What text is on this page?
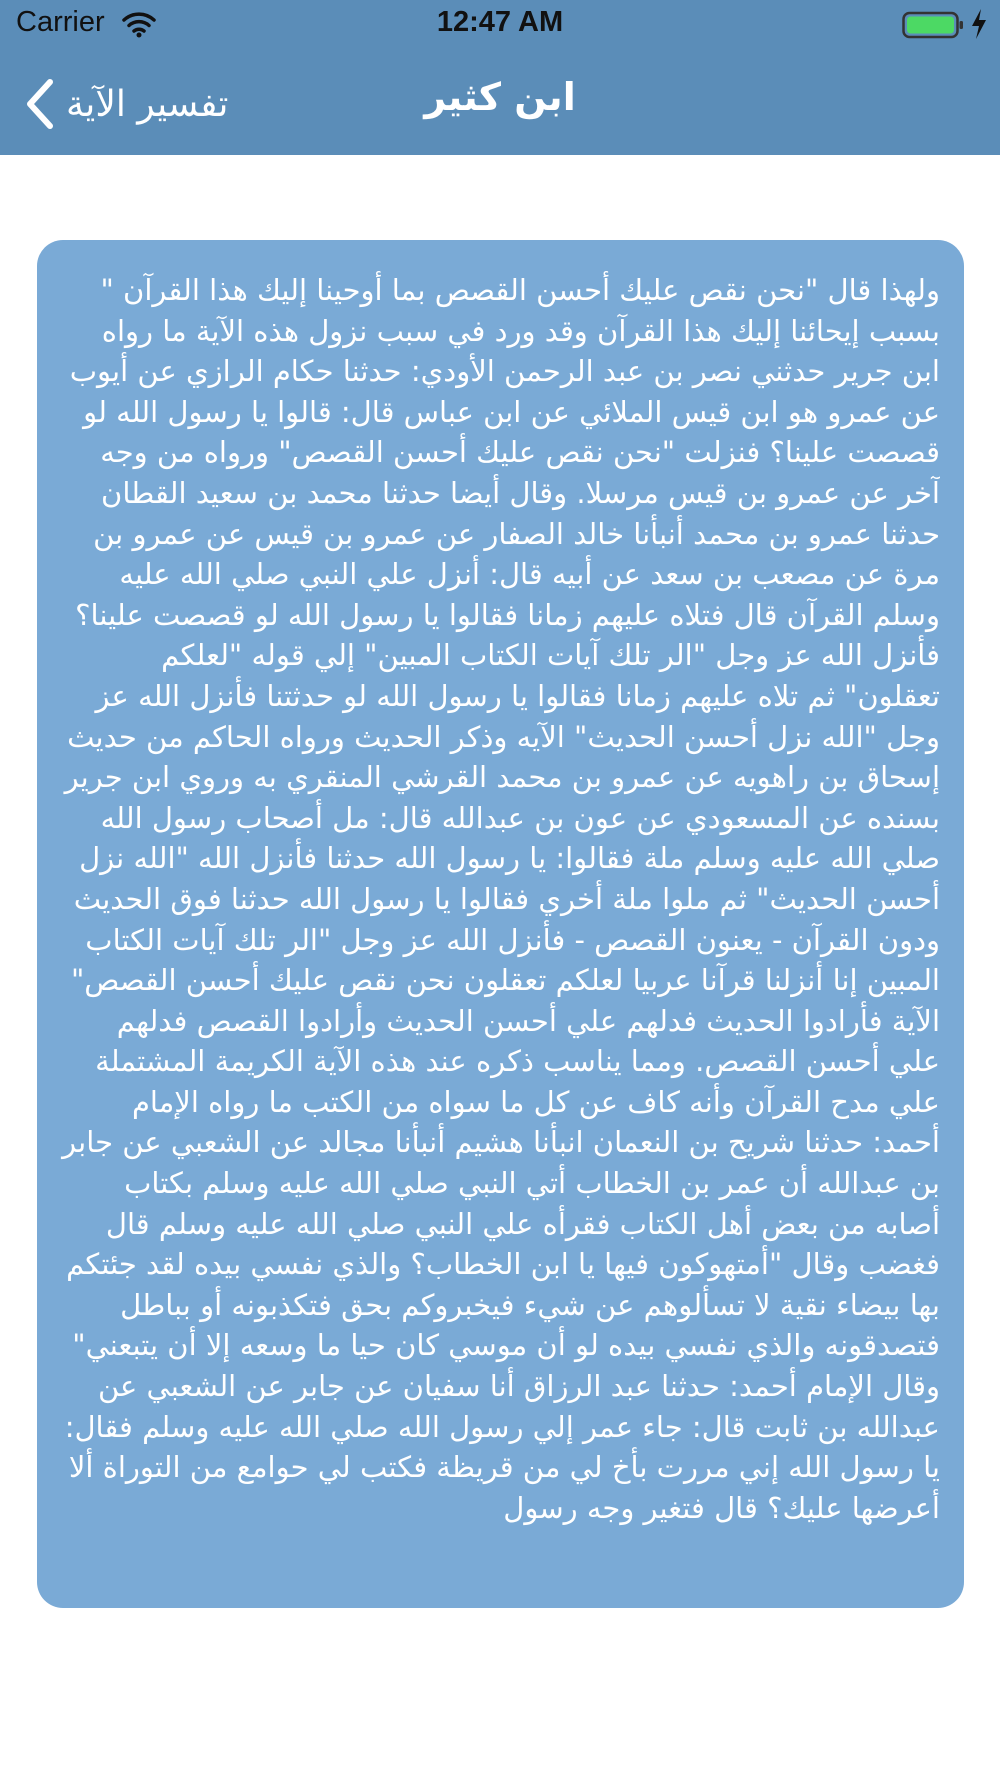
Carrier	12:47 AM
تفسير الآية	ابن كثير
ولهذا قال "نحن نقص عليك أحسن القصص بما أوحينا إليك هذا القرآن " بسبب إيحائنا إليك هذا القرآن وقد ورد في سبب نزول هذه الآية ما رواه ابن جرير حدثني نصر بن عبد الرحمن الأودي: حدثنا حكام الرازي عن أيوب عن عمرو هو ابن قيس الملائي عن ابن عباس قال: قالوا يا رسول الله لو قصصت علينا؟ فنزلت "نحن نقص عليك أحسن القصص" ورواه من وجه آخر عن عمرو بن قيس مرسلا. وقال أيضا حدثنا محمد بن سعيد القطان حدثنا عمرو بن محمد أنبأنا خالد الصفار عن عمرو بن قيس عن عمرو بن مرة عن مصعب بن سعد عن أبيه قال: أنزل علي النبي صلي الله عليه وسلم القرآن قال فتلاه عليهم زمانا فقالوا يا رسول الله لو قصصت علينا؟ فأنزل الله عز وجل "الر تلك آيات الكتاب المبين" إلي قوله "لعلكم تعقلون" ثم تلاه عليهم زمانا فقالوا يا رسول الله لو حدثتنا فأنزل الله عز وجل "الله نزل أحسن الحديث" الآيه وذكر الحديث ورواه الحاكم من حديث إسحاق بن راهويه عن عمرو بن محمد القرشي المنقري به وروي ابن جرير بسنده عن المسعودي عن عون بن عبدالله قال: مل أصحاب رسول الله صلي الله عليه وسلم ملة فقالوا: يا رسول الله حدثنا فأنزل الله "الله نزل أحسن الحديث" ثم ملوا ملة أخري فقالوا يا رسول الله حدثنا فوق الحديث ودون القرآن - يعنون القصص - فأنزل الله عز وجل "الر تلك آيات الكتاب المبين إنا أنزلنا قرآنا عربيا لعلكم تعقلون نحن نقص عليك أحسن القصص" الآية فأرادوا الحديث فدلهم علي أحسن الحديث وأرادوا القصص فدلهم علي أحسن القصص. ومما يناسب ذكره عند هذه الآية الكريمة المشتملة علي مدح القرآن وأنه كاف عن كل ما سواه من الكتب ما رواه الإمام أحمد: حدثنا شريح بن النعمان انبأنا هشيم أنبأنا مجالد عن الشعبي عن جابر بن عبدالله أن عمر بن الخطاب أتي النبي صلي الله عليه وسلم بكتاب أصابه من بعض أهل الكتاب فقرأه علي النبي صلي الله عليه وسلم قال فغضب وقال "أمتهوكون فيها يا ابن الخطاب؟ والذي نفسي بيده لقد جئتكم بها بيضاء نقية لا تسألوهم عن شيء فيخبروكم بحق فتكذبونه أو بباطل فتصدقونه والذي نفسي بيده لو أن موسي كان حيا ما وسعه إلا أن يتبعني" وقال الإمام أحمد: حدثنا عبد الرزاق أنا سفيان عن جابر عن الشعبي عن عبدالله بن ثابت قال: جاء عمر إلي رسول الله صلي الله عليه وسلم فقال: يا رسول الله إني مررت بأخ لي من قريظة فكتب لي حوامع من التوراة ألا أعرضها عليك؟ قال فتغير وجه رسول
